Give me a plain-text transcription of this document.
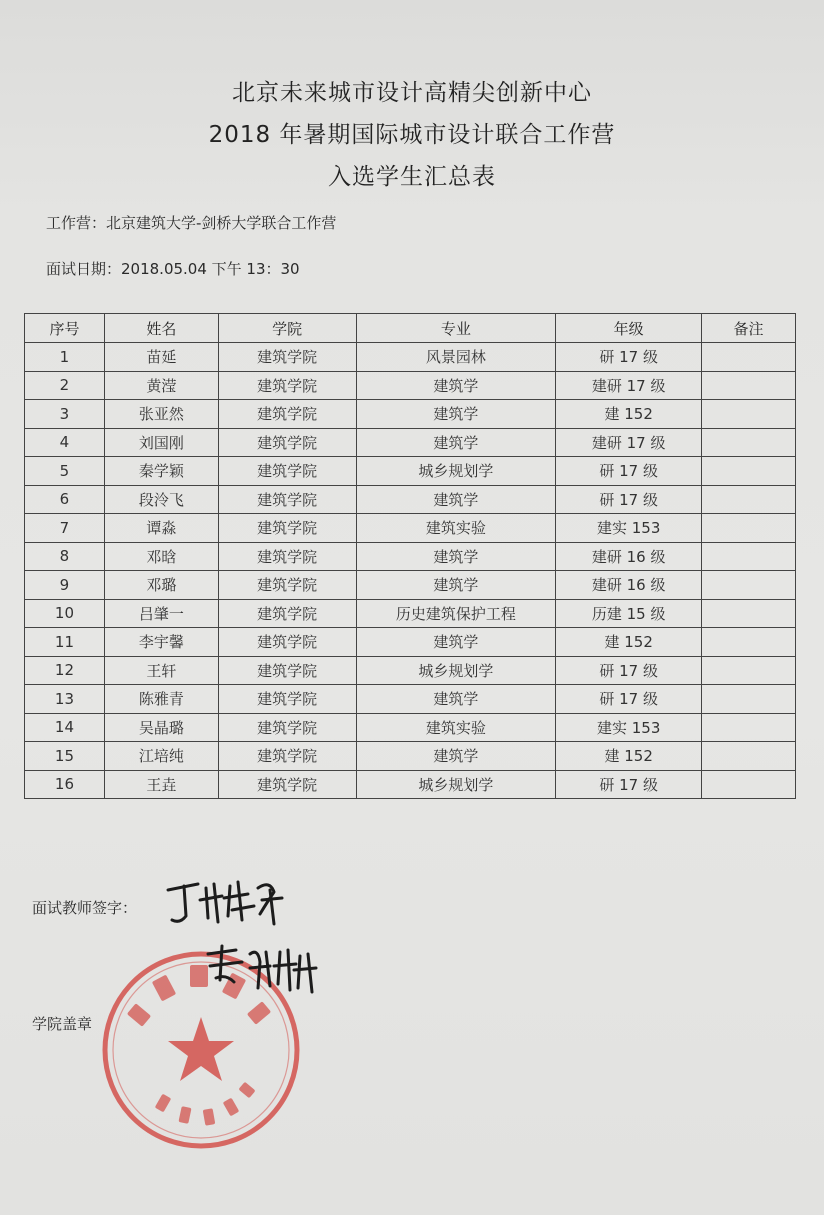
北京未来城市设计高精尖创新中心
2018 年暑期国际城市设计联合工作营
入选学生汇总表
工作营：北京建筑大学-剑桥大学联合工作营
面试日期：2018.05.04 下午 13：30
序号	姓名	学院	专业	年级	备注
1	苗延	建筑学院	风景园林	研 17 级	
2	黄滢	建筑学院	建筑学	建研 17 级	
3	张亚然	建筑学院	建筑学	建 152	
4	刘国刚	建筑学院	建筑学	建研 17 级	
5	秦学颖	建筑学院	城乡规划学	研 17 级	
6	段泠飞	建筑学院	建筑学	研 17 级	
7	谭淼	建筑学院	建筑实验	建实 153	
8	邓晗	建筑学院	建筑学	建研 16 级	
9	邓璐	建筑学院	建筑学	建研 16 级	
10	吕肇一	建筑学院	历史建筑保护工程	历建 15 级	
11	李宇馨	建筑学院	建筑学	建 152	
12	王轩	建筑学院	城乡规划学	研 17 级	
13	陈雅青	建筑学院	建筑学	研 17 级	
14	吴晶璐	建筑学院	建筑实验	建实 153	
15	江培纯	建筑学院	建筑学	建 152	
16	王垚	建筑学院	城乡规划学	研 17 级	
面试教师签字：
学院盖章
